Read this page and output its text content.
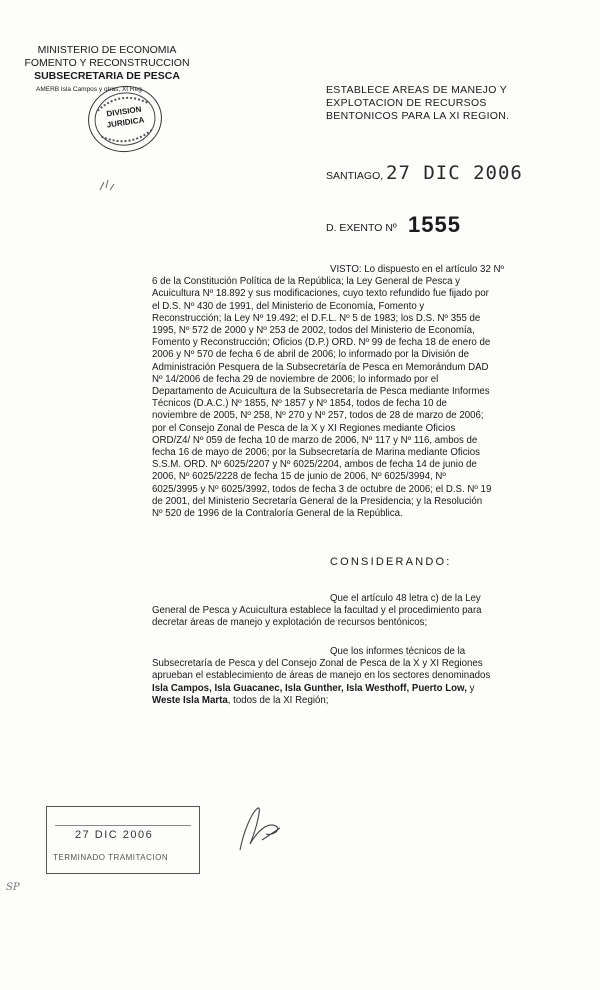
MINISTERIO DE ECONOMIA
FOMENTO Y RECONSTRUCCION
SUBSECRETARIA DE PESCA
AMERB Isla Campos y otras, XI Reg.
DIVISION
JURIDICA
ESTABLECE AREAS DE MANEJO Y
EXPLOTACION DE RECURSOS
BENTONICOS PARA LA XI REGION.
SANTIAGO, 27 DIC 2006
D. EXENTO Nº 1555
VISTO: Lo dispuesto en el artículo 32 Nº
6 de la Constitución Política de la República; la Ley General de Pesca y
Acuicultura Nº 18.892 y sus modificaciones, cuyo texto refundido fue fijado por
el D.S. Nº 430 de 1991, del Ministerio de Economía, Fomento y
Reconstrucción; la Ley Nº 19.492; el D.F.L. Nº 5 de 1983; los D.S. Nº 355 de
1995, Nº 572 de 2000 y Nº 253 de 2002, todos del Ministerio de Economía,
Fomento y Reconstrucción; Oficios (D.P.) ORD. Nº 99 de fecha 18 de enero de
2006 y Nº 570 de fecha 6 de abril de 2006; lo informado por la División de
Administración Pesquera de la Subsecretaría de Pesca en Memorándum DAD
Nº 14/2006 de fecha 29 de noviembre de 2006; lo informado por el
Departamento de Acuicultura de la Subsecretaría de Pesca mediante Informes
Técnicos (D.A.C.) Nº 1855, Nº 1857 y Nº 1854, todos de fecha 10 de
noviembre de 2005, Nº 258, Nº 270 y Nº 257, todos de 28 de marzo de 2006;
por el Consejo Zonal de Pesca de la X y XI Regiones mediante Oficios
ORD/Z4/ Nº 059 de fecha 10 de marzo de 2006, Nº 117 y Nº 116, ambos de
fecha 16 de mayo de 2006; por la Subsecretaría de Marina mediante Oficios
S.S.M. ORD. Nº 6025/2207 y Nº 6025/2204, ambos de fecha 14 de junio de
2006, Nº 6025/2228 de fecha 15 de junio de 2006, Nº 6025/3994, Nº
6025/3995 y Nº 6025/3992, todos de fecha 3 de octubre de 2006; el D.S. Nº 19
de 2001, del Ministerio Secretaría General de la Presidencia; y la Resolución
Nº 520 de 1996 de la Contraloría General de la República.
CONSIDERANDO:
Que el artículo 48 letra c) de la Ley
General de Pesca y Acuicultura establece la facultad y el procedimiento para
decretar áreas de manejo y explotación de recursos bentónicos;
Que los informes técnicos de la
Subsecretaría de Pesca y del Consejo Zonal de Pesca de la X y XI Regiones
aprueban el establecimiento de áreas de manejo en los sectores denominados
Isla Campos, Isla Guacanec, Isla Gunther, Isla Westhoff, Puerto Low, y
Weste Isla Marta, todos de la XI Región;
27 DIC 2006
TERMINADO TRAMITACION
SP
